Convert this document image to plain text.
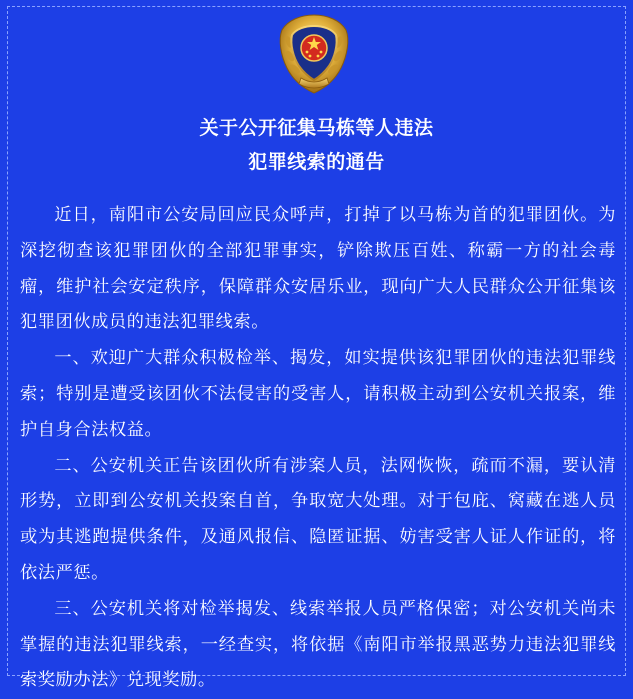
关于公开征集马栋等人违法
犯罪线索的通告

近日，南阳市公安局回应民众呼声，打掉了以马栋为首的犯罪团伙。为深挖彻查该犯罪团伙的全部犯罪事实，铲除欺压百姓、称霸一方的社会毒瘤，维护社会安定秩序，保障群众安居乐业，现向广大人民群众公开征集该犯罪团伙成员的违法犯罪线索。

一、欢迎广大群众积极检举、揭发，如实提供该犯罪团伙的违法犯罪线索；特别是遭受该团伙不法侵害的受害人，请积极主动到公安机关报案，维护自身合法权益。

二、公安机关正告该团伙所有涉案人员，法网恢恢，疏而不漏，要认清形势，立即到公安机关投案自首，争取宽大处理。对于包庇、窝藏在逃人员或为其逃跑提供条件，及通风报信、隐匿证据、妨害受害人证人作证的，将依法严惩。

三、公安机关将对检举揭发、线索举报人员严格保密；对公安机关尚未掌握的违法犯罪线索，一经查实，将依据《南阳市举报黑恶势力违法犯罪线索奖励办法》兑现奖励。
